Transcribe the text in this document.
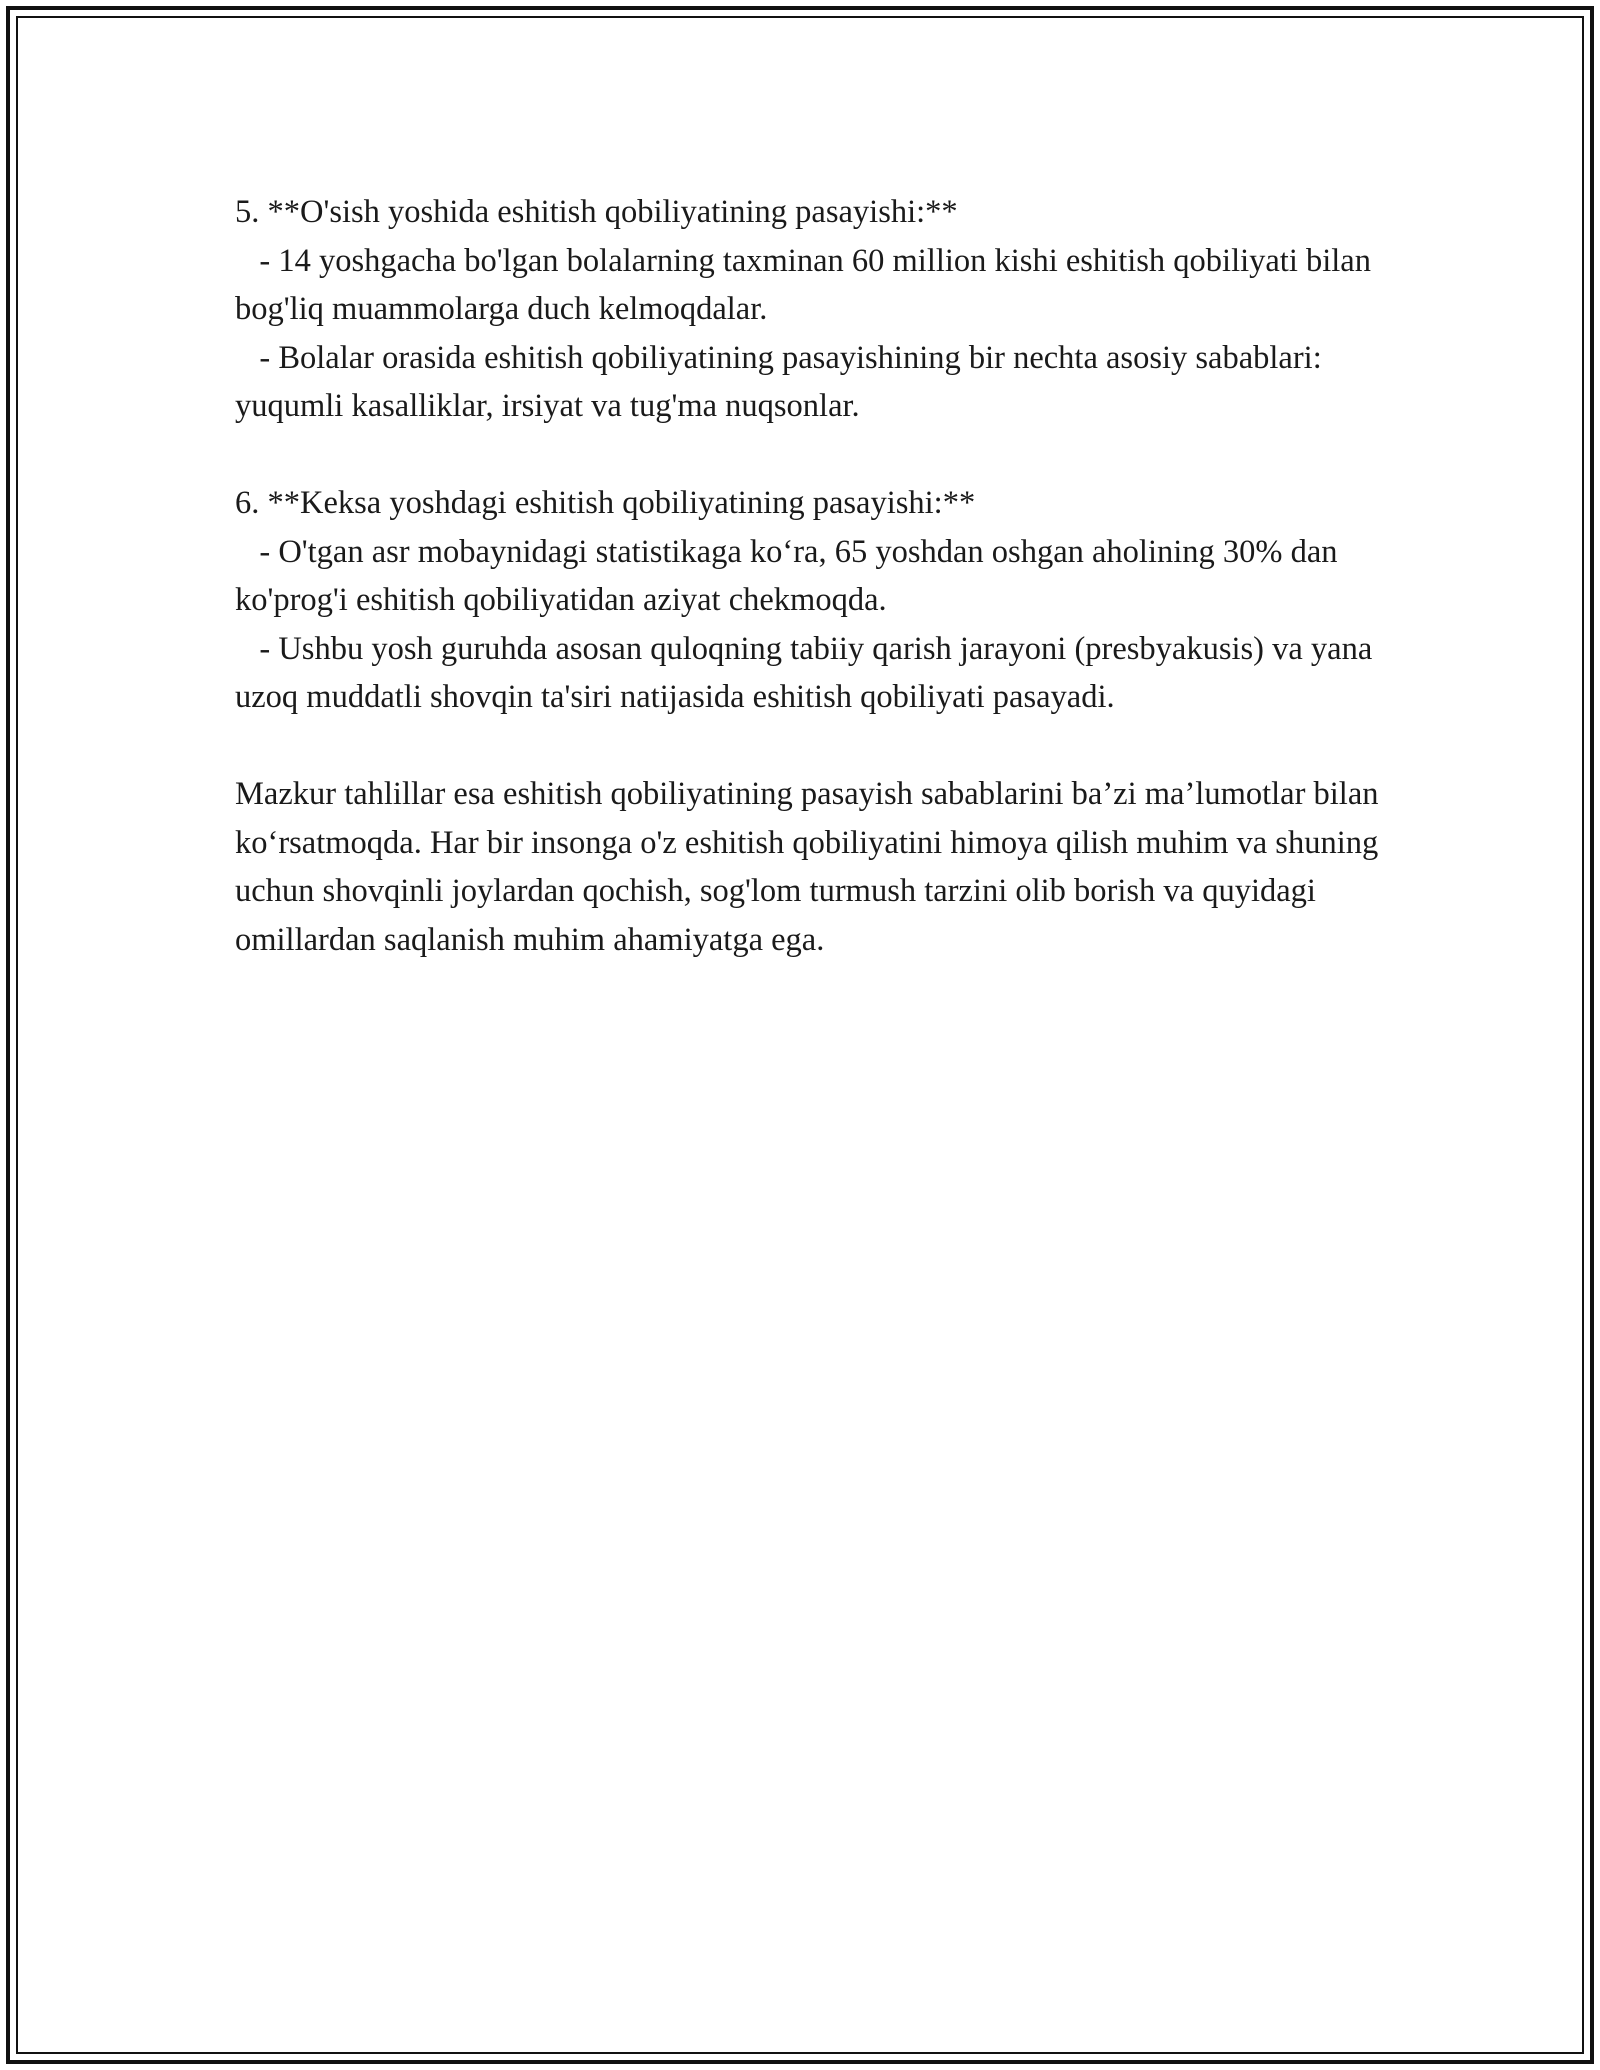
5. **O'sish yoshida eshitish qobiliyatining pasayishi:**

- 14 yoshgacha bo'lgan bolalarning taxminan 60 million kishi eshitish qobiliyati bilan bog'liq muammolarga duch kelmoqdalar.

- Bolalar orasida eshitish qobiliyatining pasayishining bir nechta asosiy sabablari: yuqumli kasalliklar, irsiyat va tug'ma nuqsonlar.

6. **Keksa yoshdagi eshitish qobiliyatining pasayishi:**

- O'tgan asr mobaynidagi statistikaga ko‘ra, 65 yoshdan oshgan aholining 30% dan ko'prog'i eshitish qobiliyatidan aziyat chekmoqda.

- Ushbu yosh guruhda asosan quloqning tabiiy qarish jarayoni (presbyakusis) va yana uzoq muddatli shovqin ta'siri natijasida eshitish qobiliyati pasayadi.

Mazkur tahlillar esa eshitish qobiliyatining pasayish sabablarini ba’zi ma’lumotlar bilan ko‘rsatmoqda. Har bir insonga o'z eshitish qobiliyatini himoya qilish muhim va shuning uchun shovqinli joylardan qochish, sog'lom turmush tarzini olib borish va quyidagi omillardan saqlanish muhim ahamiyatga ega.
